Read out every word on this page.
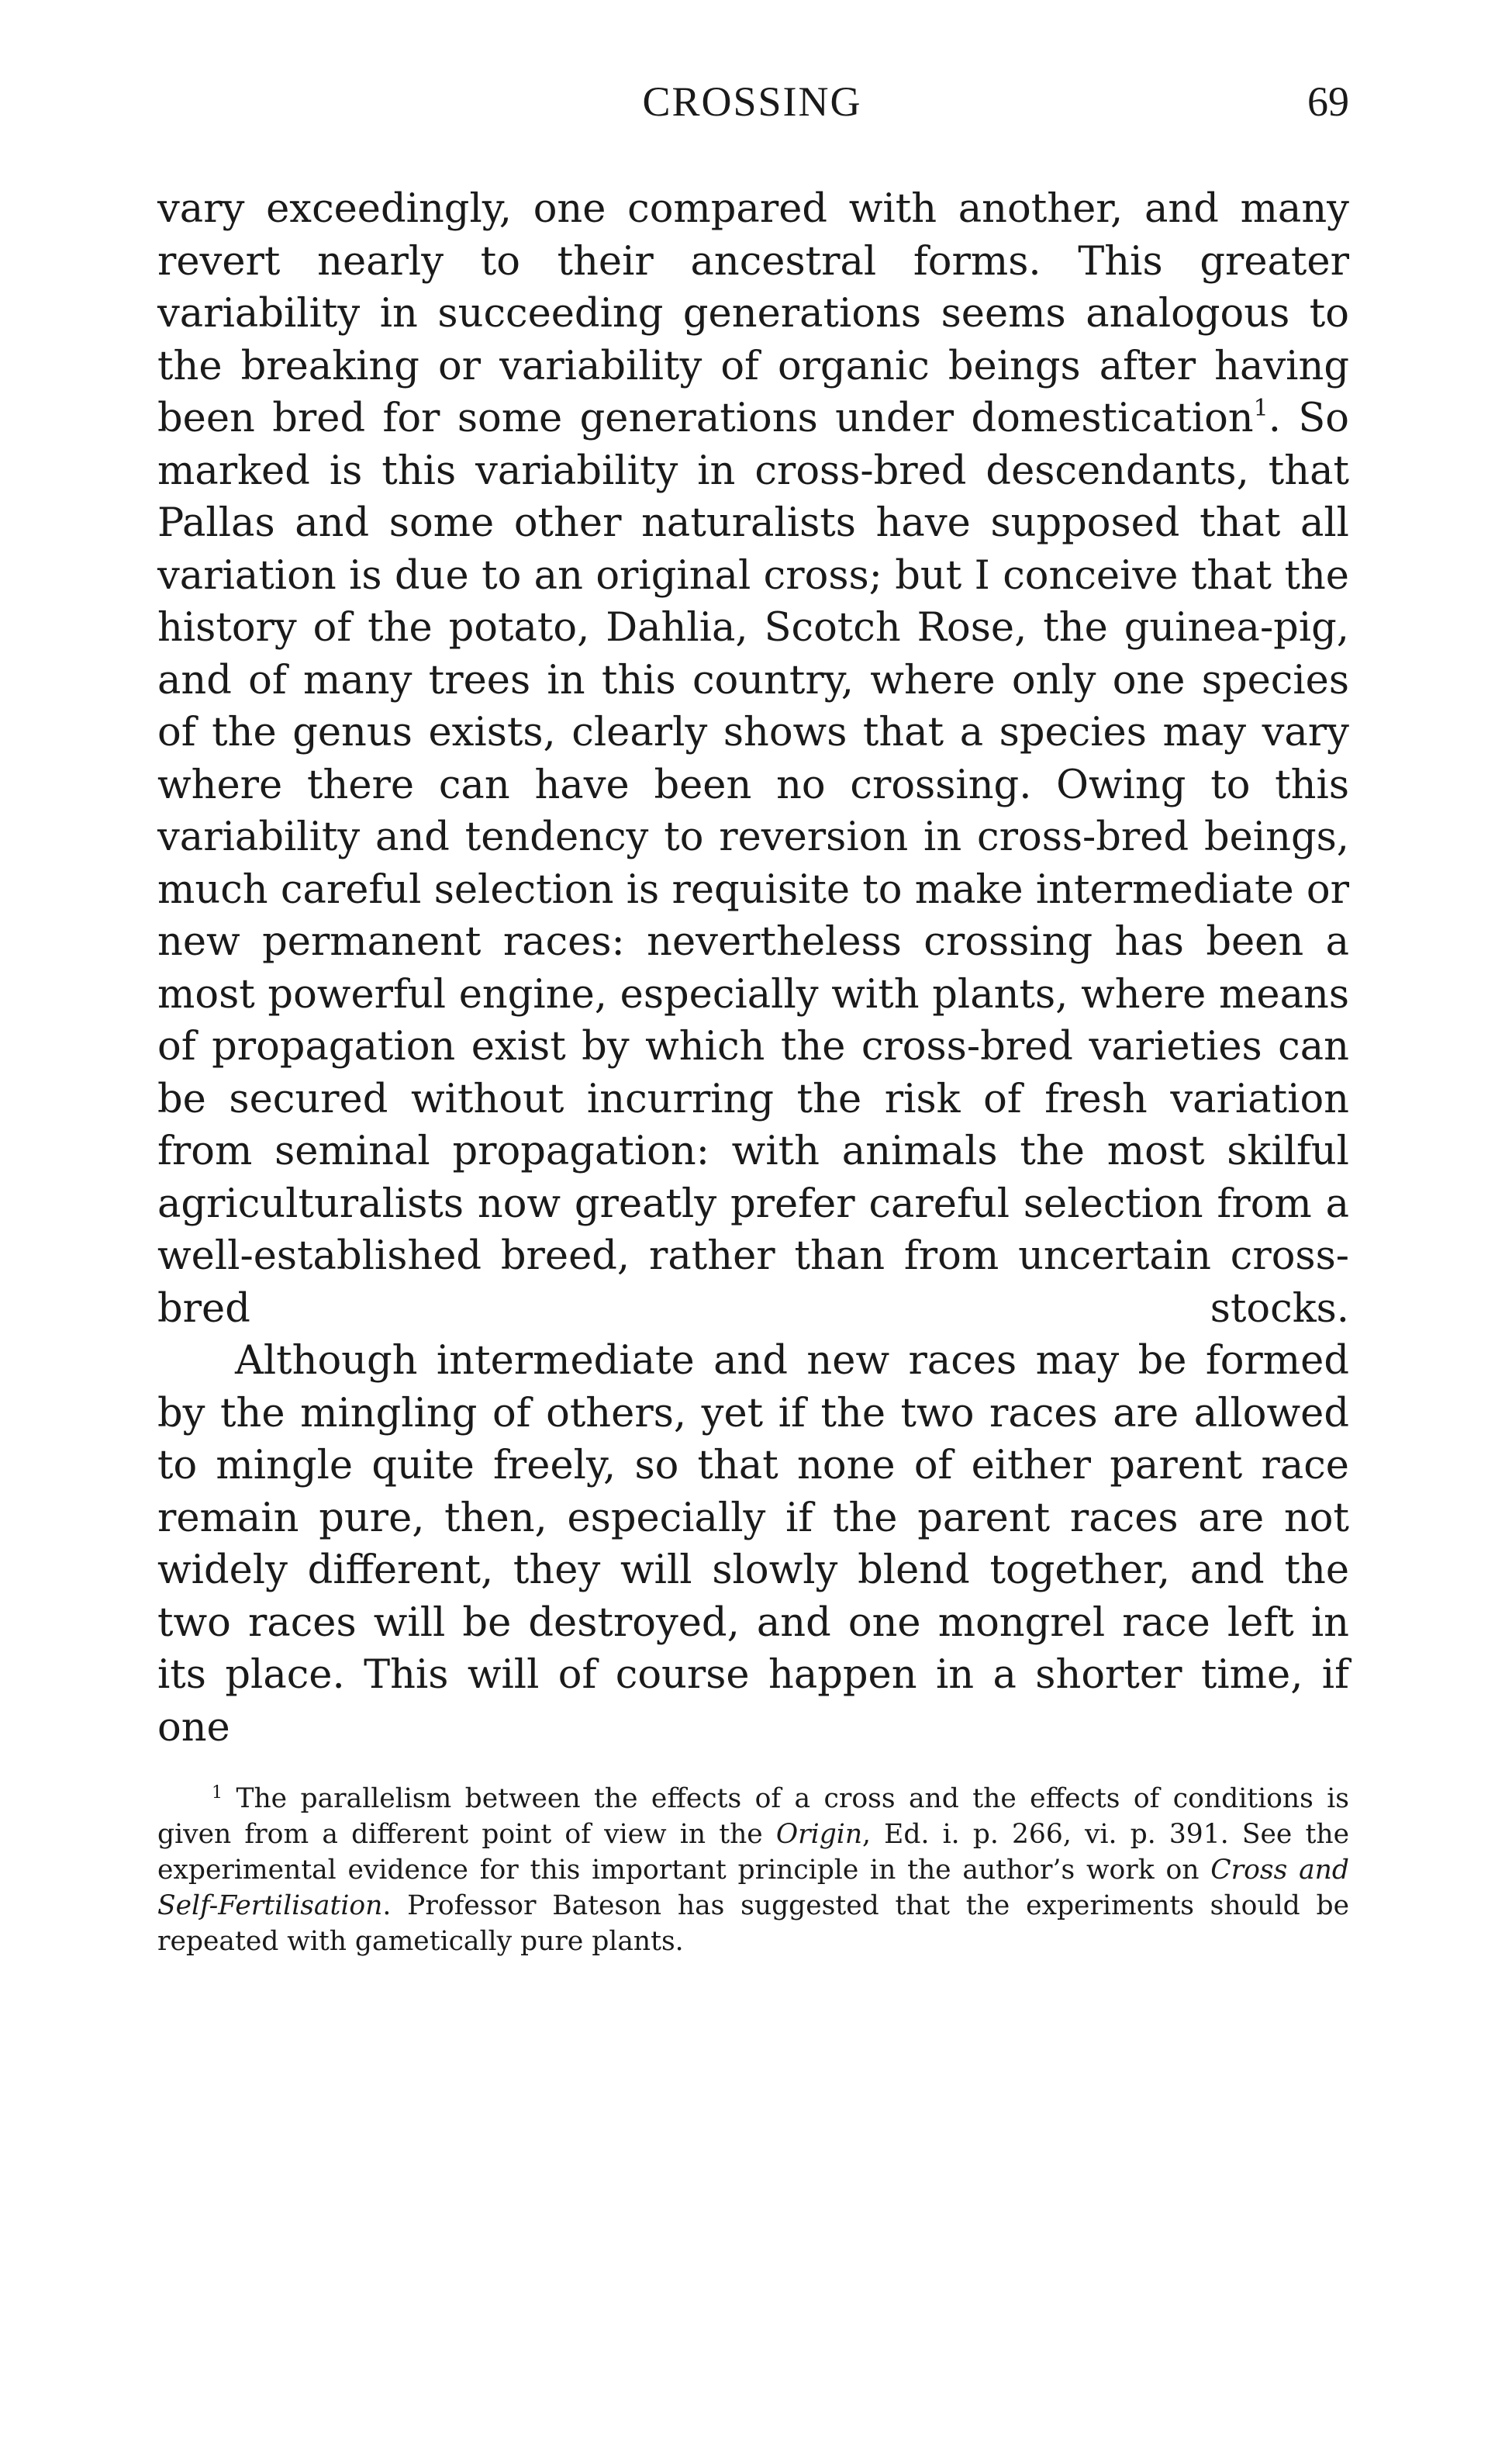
CROSSING	69

vary exceedingly, one compared with another, and many revert nearly to their ancestral forms. This greater variability in succeeding generations seems analogous to the breaking or variability of organic beings after having been bred for some generations under domestication$^1$. So marked is this variability in cross-bred descendants, that Pallas and some other naturalists have supposed that all variation is due to an original cross; but I conceive that the history of the potato, Dahlia, Scotch Rose, the guinea-pig, and of many trees in this country, where only one species of the genus exists, clearly shows that a species may vary where there can have been no crossing. Owing to this variability and tendency to reversion in cross-bred beings, much careful selection is requisite to make intermediate or new permanent races: nevertheless crossing has been a most powerful engine, especially with plants, where means of propagation exist by which the cross-bred varieties can be secured without incurring the risk of fresh variation from seminal propagation: with animals the most skilful agriculturalists now greatly prefer careful selection from a well-established breed, rather than from uncertain cross-bred stocks.

Although intermediate and new races may be formed by the mingling of others, yet if the two races are allowed to mingle quite freely, so that none of either parent race remain pure, then, especially if the parent races are not widely different, they will slowly blend together, and the two races will be destroyed, and one mongrel race left in its place. This will of course happen in a shorter time, if one

$^1$ The parallelism between the effects of a cross and the effects of conditions is given from a different point of view in the Origin, Ed. i. p. 266, vi. p. 391. See the experimental evidence for this important principle in the author’s work on Cross and Self-Fertilisation. Professor Bateson has suggested that the experiments should be repeated with gametically pure plants.
